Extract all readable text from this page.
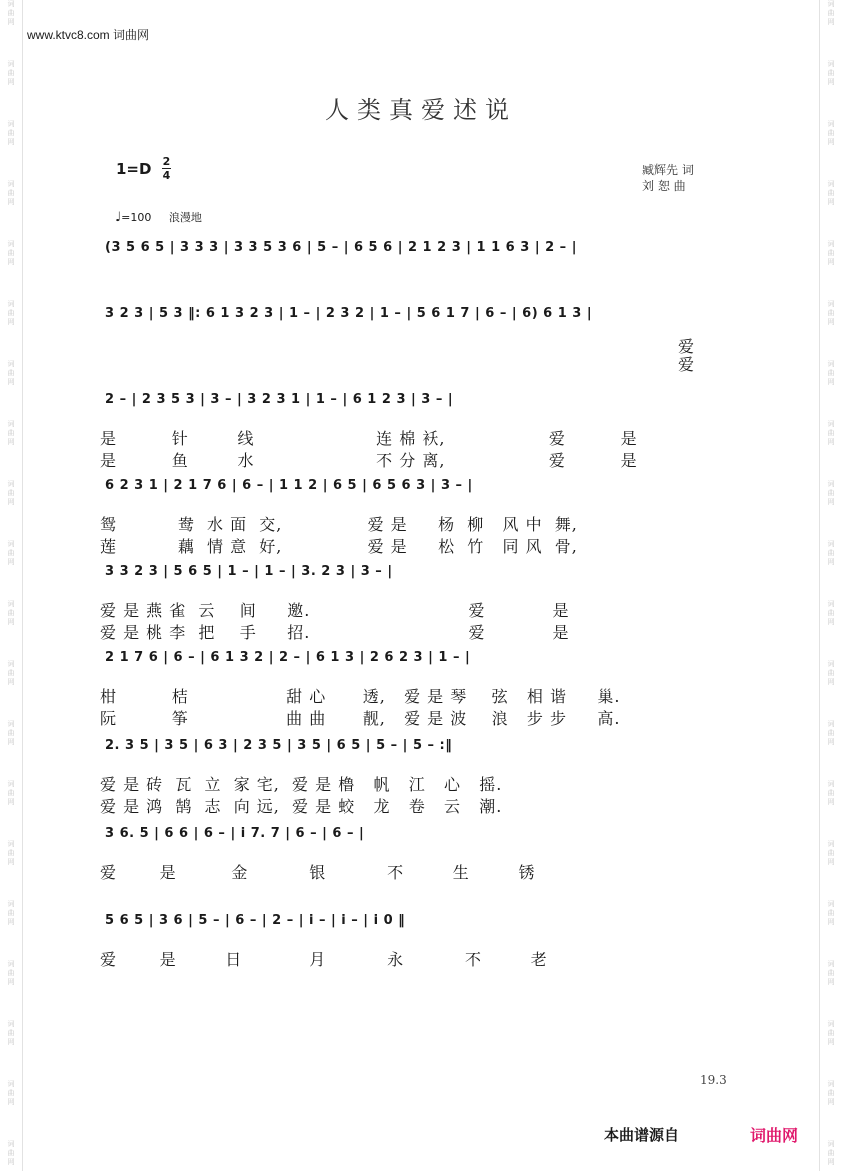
词
曲
网
词
曲
网
词
曲
网
词
曲
网
词
曲
网
词
曲
网
词
曲
网
词
曲
网
词
曲
网
词
曲
网
词
曲
网
词
曲
网
词
曲
网
词
曲
网
词
曲
网
词
曲
网
词
曲
网
词
曲
网
词
曲
网
词
曲
网
词
曲
网
词
曲
网
词
曲
网
词
曲
网
词
曲
网
词
曲
网
词
曲
网
词
曲
网
词
曲
网
词
曲
网
词
曲
网
词
曲
网
词
曲
网
词
曲
网
词
曲
网
词
曲
网
词
曲
网
词
曲
网
词
曲
网
词
曲
网
www.ktvc8.com 词曲网
人类真爱述说
1=D 2
4	臧辉先 词
刘 恕 曲
♩=100 浪漫地
(3 5 6 5 | 3 3 3 | 3 3 5 3 6 | 5 – | 6 5 6 | 2 1 2 3 | 1 1 6 3 | 2 – |
3 2 3 | 5 3 ‖: 6 1 3 2 3 | 1 – | 2 3 2 | 1 – | 5 6 1 7 | 6 – | 6) 6 1 3 |
爱
爱
2 – | 2 3 5 3 | 3 – | 3 2 3 1 | 1 – | 6 1 2 3 | 3 – |
是         针        线                    连 棉 袄,                 爱         是
是         鱼        水                    不 分 离,                 爱         是
6 2 3 1 | 2 1 7 6 | 6 – | 1 1 2 | 6 5 | 6 5 6 3 | 3 – |
鸳          鸯  水 面  交,              爱 是     杨  柳   风 中  舞,
莲          藕  情 意  好,              爱 是     松  竹   同 风  骨,
3 3 2 3 | 5 6 5 | 1 – | 1 – | 3. 2 3 | 3 – |
爱 是 燕 雀  云    间     邀.                          爱           是
爱 是 桃 李  把    手     招.                          爱           是
2 1 7 6 | 6 – | 6 1 3 2 | 2 – | 6 1 3 | 2 6 2 3 | 1 – |
柑         桔                甜 心      透,   爱 是 琴    弦   相 谐     巢.
阮         筝                曲 曲      靓,   爱 是 波    浪   步 步     高.
2. 3 5 | 3 5 | 6 3 | 2 3 5 | 3 5 | 6 5 | 5 – | 5 – :‖
爱 是 砖  瓦  立  家 宅,  爱 是 橹   帆   江   心   摇.
爱 是 鸿  鹄  志  向 远,  爱 是 蛟   龙   卷   云   潮.
3 6. 5 | 6 6 | 6 – | i 7. 7 | 6 – | 6 – |
爱       是         金          银          不        生        锈
5 6 5 | 3 6 | 5 – | 6 – | 2 – | i – | i – | i 0 ‖
爱       是        日           月          永          不        老
19.3
本曲谱源自	词曲网
